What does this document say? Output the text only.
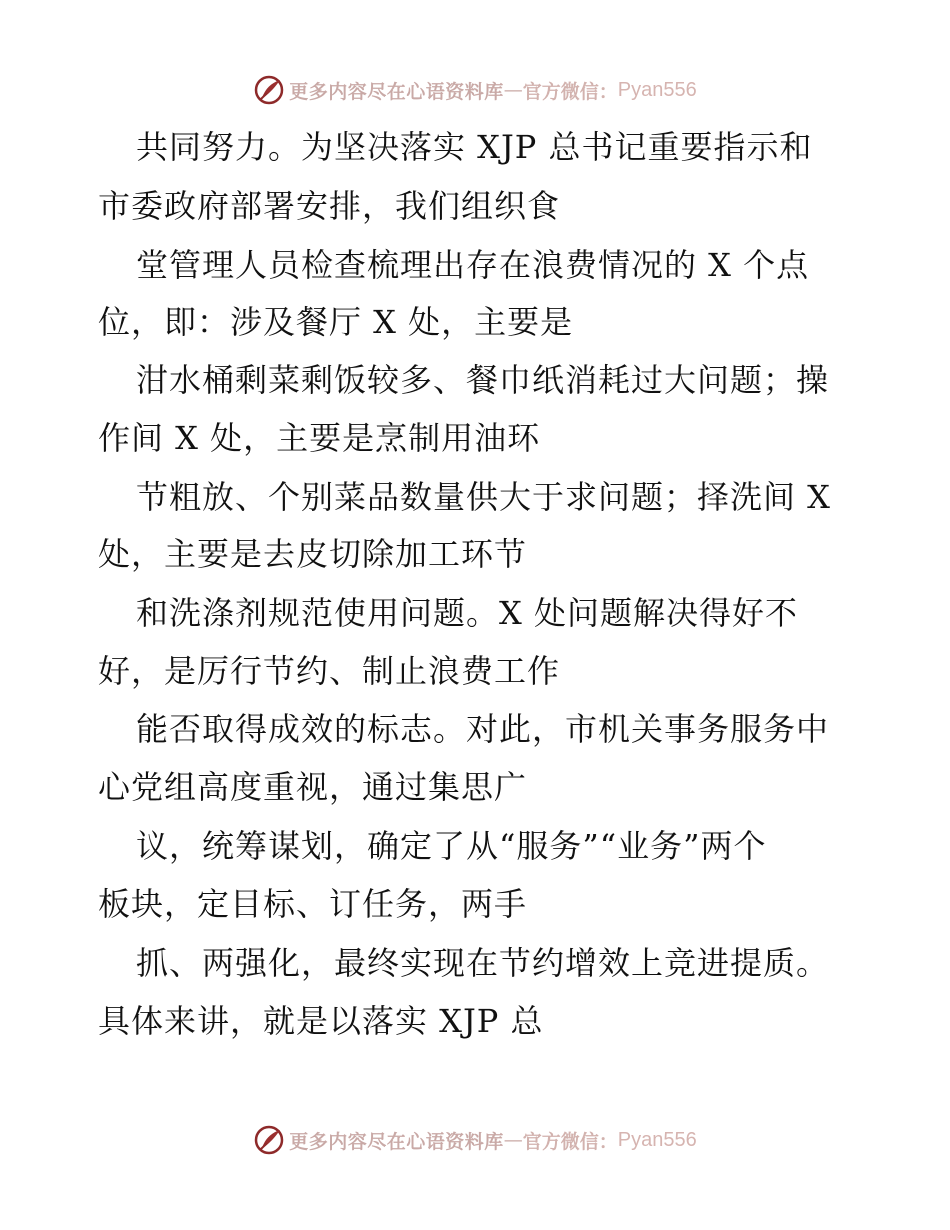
更多内容尽在心语资料库 — 官方微信： Pyan556
共同努力。为坚决落实 XJP 总书记重要指示和
市委政府部署安排，我们组织食
堂管理人员检查梳理出存在浪费情况的 X 个点
位，即：涉及餐厅 X 处，主要是
泔水桶剩菜剩饭较多、餐巾纸消耗过大问题；操
作间 X 处，主要是烹制用油环
节粗放、个别菜品数量供大于求问题；择洗间 X
处，主要是去皮切除加工环节
和洗涤剂规范使用问题。X 处问题解决得好不
好，是厉行节约、制止浪费工作
能否取得成效的标志。对此，市机关事务服务中
心党组高度重视，通过集思广
议，统筹谋划，确定了从“服务”“业务”两个
板块，定目标、订任务，两手
抓、两强化，最终实现在节约增效上竞进提质。
具体来讲，就是以落实 XJP 总
更多内容尽在心语资料库 — 官方微信： Pyan556
